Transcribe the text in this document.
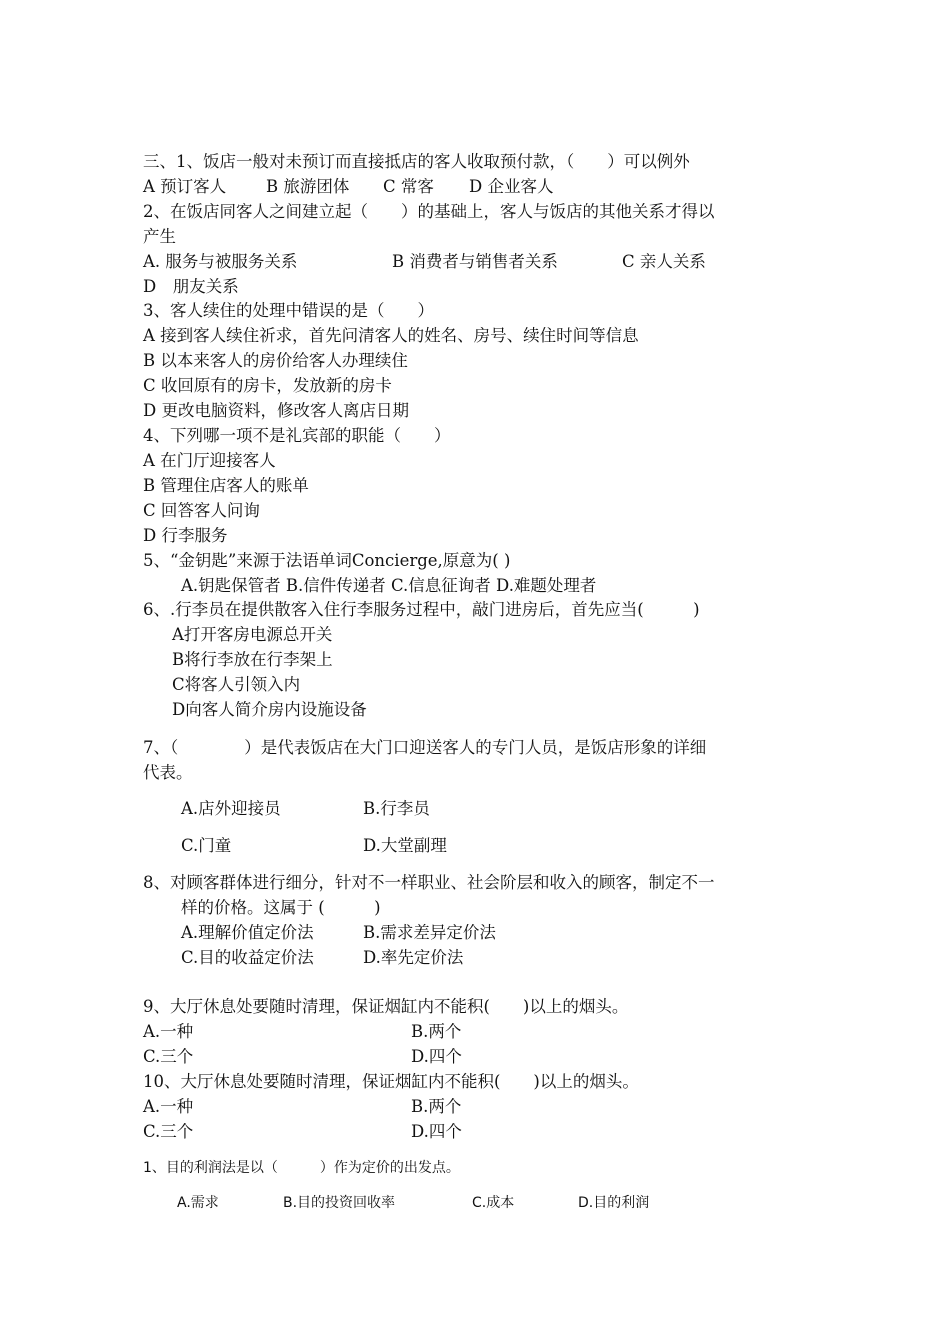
三、1、饭店一般对未预订而直接抵店的客人收取预付款，（　　）可以例外
A 预订客人 B 旅游团体 C 常客 D 企业客人
2、在饭店同客人之间建立起（　　）的基础上，客人与饭店的其他关系才得以
产生
A. 服务与被服务关系	B 消费者与销售者关系	C 亲人关系
D　朋友关系
3、客人续住的处理中错误的是（　　）
A 接到客人续住祈求，首先问清客人的姓名、房号、续住时间等信息
B 以本来客人的房价给客人办理续住
C 收回原有的房卡，发放新的房卡
D 更改电脑资料，修改客人离店日期
4、下列哪一项不是礼宾部的职能（　　）
A 在门厅迎接客人
B 管理住店客人的账单
C 回答客人问询
D 行李服务
5、“金钥匙”来源于法语单词Concierge,原意为( )
A.钥匙保管者 B.信件传递者 C.信息征询者 D.难题处理者
6、.行李员在提供散客入住行李服务过程中，敲门进房后，首先应当(　　　)
A打开客房电源总开关
B将行李放在行李架上
C将客人引领入内
D向客人简介房内设施设备
7、（　　　　）是代表饭店在大门口迎送客人的专门人员，是饭店形象的详细
代表。
A.店外迎接员	B.行李员
C.门童	D.大堂副理
8、对顾客群体进行细分，针对不一样职业、社会阶层和收入的顾客，制定不一
样的价格。这属于 (　　　)
A.理解价值定价法	B.需求差异定价法
C.目的收益定价法	D.率先定价法
9、大厅休息处要随时清理，保证烟缸内不能积(　　)以上的烟头。
A.一种	B.两个
C.三个	D.四个
10、大厅休息处要随时清理，保证烟缸内不能积(　　)以上的烟头。
A.一种	B.两个
C.三个	D.四个
1、目的利润法是以（　　　）作为定价的出发点。
A.需求	B.目的投资回收率	C.成本	D.目的利润
